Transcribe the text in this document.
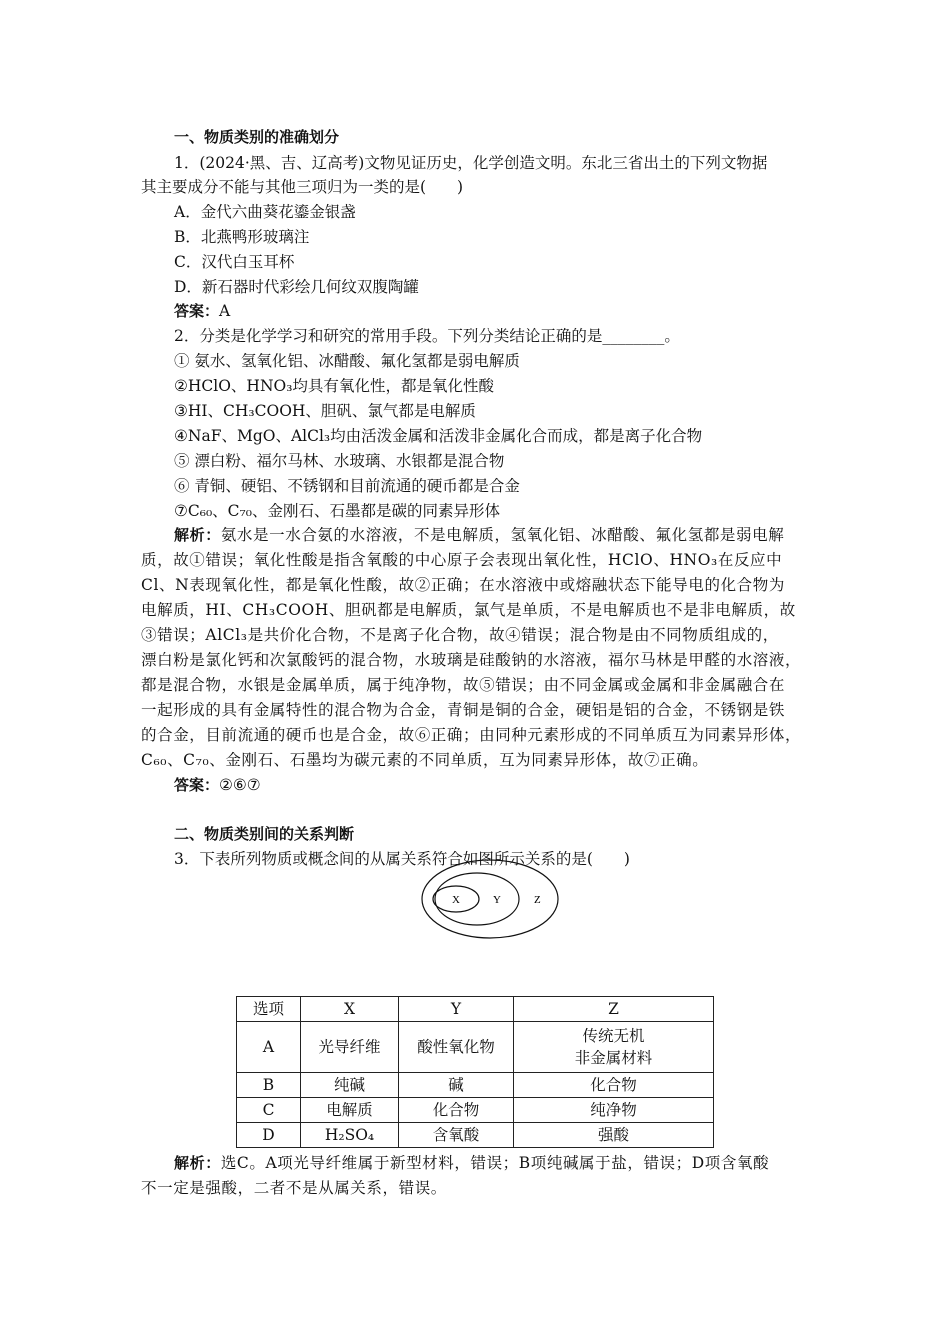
一、物质类别的准确划分
1．(2024·黑、吉、辽高考)文物见证历史，化学创造文明。东北三省出土的下列文物据
其主要成分不能与其他三项归为一类的是(　　)
A．金代六曲葵花鎏金银盏
B．北燕鸭形玻璃注
C．汉代白玉耳杯
D．新石器时代彩绘几何纹双腹陶罐
答案：A
2．分类是化学学习和研究的常用手段。下列分类结论正确的是________。
① 氨水、氢氧化铝、冰醋酸、氟化氢都是弱电解质
②HClO、HNO₃均具有氧化性，都是氧化性酸
③HI、CH₃COOH、胆矾、氯气都是电解质
④NaF、MgO、AlCl₃均由活泼金属和活泼非金属化合而成，都是离子化合物
⑤ 漂白粉、福尔马林、水玻璃、水银都是混合物
⑥ 青铜、硬铝、不锈钢和目前流通的硬币都是合金
⑦C₆₀、C₇₀、金刚石、石墨都是碳的同素异形体
解析：氨水是一水合氨的水溶液，不是电解质，氢氧化铝、冰醋酸、氟化氢都是弱电解
质，故①错误；氧化性酸是指含氧酸的中心原子会表现出氧化性，HClO、HNO₃在反应中
Cl、N表现氧化性，都是氧化性酸，故②正确；在水溶液中或熔融状态下能导电的化合物为
电解质，HI、CH₃COOH、胆矾都是电解质，氯气是单质，不是电解质也不是非电解质，故
③错误；AlCl₃是共价化合物，不是离子化合物，故④错误；混合物是由不同物质组成的，
漂白粉是氯化钙和次氯酸钙的混合物，水玻璃是硅酸钠的水溶液，福尔马林是甲醛的水溶液，
都是混合物，水银是金属单质，属于纯净物，故⑤错误；由不同金属或金属和非金属融合在
一起形成的具有金属特性的混合物为合金，青铜是铜的合金，硬铝是铝的合金，不锈钢是铁
的合金，目前流通的硬币也是合金，故⑥正确；由同种元素形成的不同单质互为同素异形体，
C₆₀、C₇₀、金刚石、石墨均为碳元素的不同单质，互为同素异形体，故⑦正确。
答案：②⑥⑦
二、物质类别间的关系判断
3．下表所列物质或概念间的从属关系符合如图所示关系的是(　　)
X	Y	Z
选项	X	Y	Z
A	光导纤维	酸性氧化物	传统无机
非金属材料

B	纯碱	碱	化合物
C	电解质	化合物	纯净物
D	H₂SO₄	含氧酸	强酸
解析：选C。A项光导纤维属于新型材料，错误；B项纯碱属于盐，错误；D项含氧酸
不一定是强酸，二者不是从属关系，错误。
